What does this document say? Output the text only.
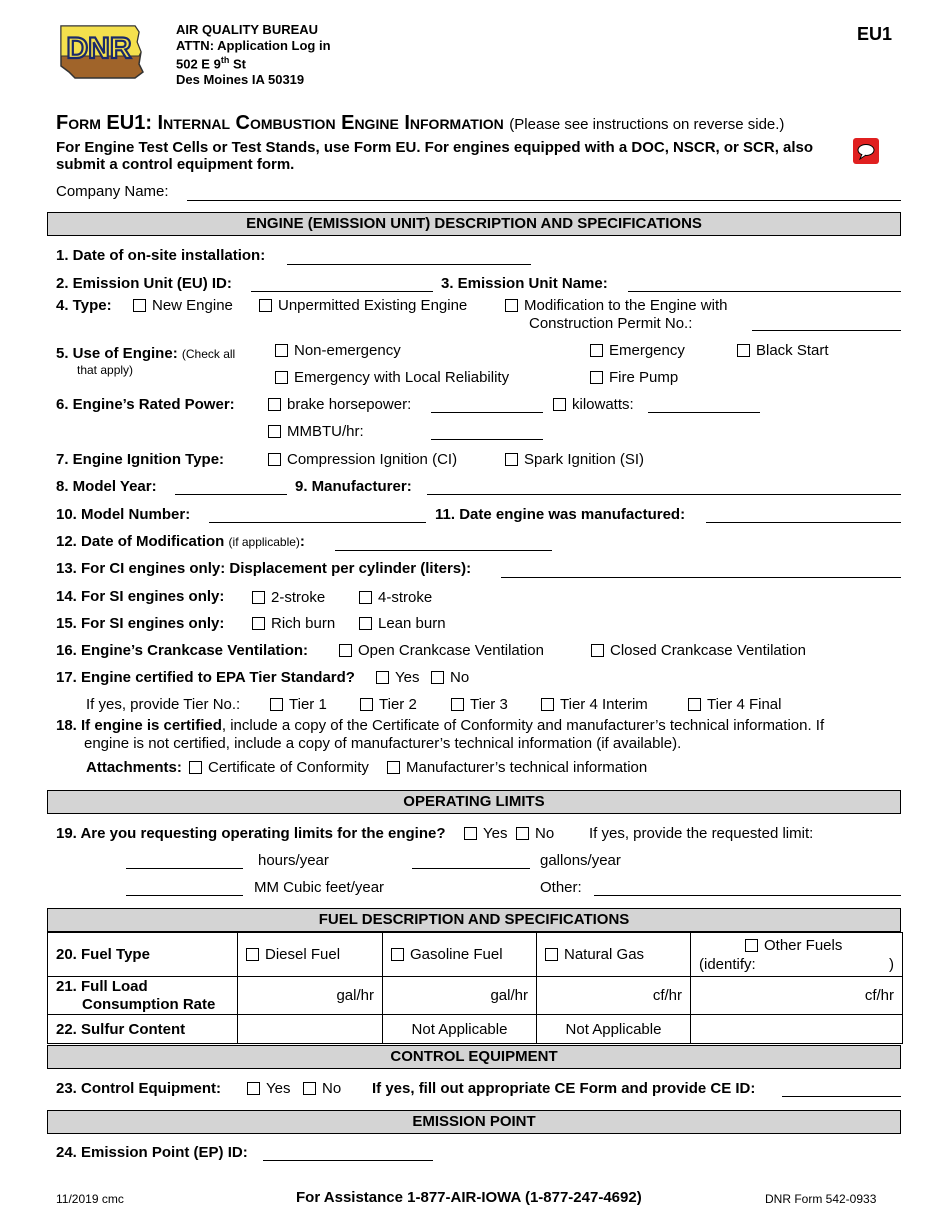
DNR
AIR QUALITY BUREAU
ATTN: Application Log in
502 E 9th St
Des Moines IA 50319
EU1
Form EU1: Internal Combustion Engine Information (Please see instructions on reverse side.)
For Engine Test Cells or Test Stands, use Form EU. For engines equipped with a DOC, NSCR, or SCR, also submit a control equipment form.
Company Name:
ENGINE (EMISSION UNIT) DESCRIPTION AND SPECIFICATIONS
1. Date of on-site installation:
2. Emission Unit (EU) ID:	3. Emission Unit Name:
4. Type:	New Engine	Unpermitted Existing Engine	Modification to the Engine with
Construction Permit No.:
5. Use of Engine: (Check all
that apply)
Non-emergency	Emergency	Black Start
Emergency with Local Reliability	Fire Pump
6. Engine’s Rated Power:	brake horsepower:	kilowatts:
MMBTU/hr:
7. Engine Ignition Type:	Compression Ignition (CI)	Spark Ignition (SI)
8. Model Year:	9. Manufacturer:
10. Model Number:	11. Date engine was manufactured:
12. Date of Modification (if applicable):
13. For CI engines only: Displacement per cylinder (liters):
14. For SI engines only:	2-stroke	4-stroke
15. For SI engines only:	Rich burn	Lean burn
16. Engine’s Crankcase Ventilation:	Open Crankcase Ventilation	Closed Crankcase Ventilation
17. Engine certified to EPA Tier Standard?	Yes	No
If yes, provide Tier No.:	Tier 1	Tier 2	Tier 3	Tier 4 Interim	Tier 4 Final
18. If engine is certified, include a copy of the Certificate of Conformity and manufacturer’s technical information. If
engine is not certified, include a copy of manufacturer’s technical information (if available).
Attachments:	Certificate of Conformity	Manufacturer’s technical information
OPERATING LIMITS
19. Are you requesting operating limits for the engine?	Yes	No If yes, provide the requested limit:
hours/year	gallons/year
MM Cubic feet/year	Other:
FUEL DESCRIPTION AND SPECIFICATIONS
20. Fuel Type	Diesel Fuel	Gasoline Fuel	Natural Gas	Other Fuels
(identify: )

21. Full Load
Consumption Rate	gal/hr	gal/hr	cf/hr	cf/hr
22. Sulfur Content		Not Applicable	Not Applicable	
CONTROL EQUIPMENT
23. Control Equipment:	Yes	No If yes, fill out appropriate CE Form and provide CE ID:
EMISSION POINT
24. Emission Point (EP) ID:
11/2019 cmc	For Assistance 1-877-AIR-IOWA (1-877-247-4692)	DNR Form 542-0933
